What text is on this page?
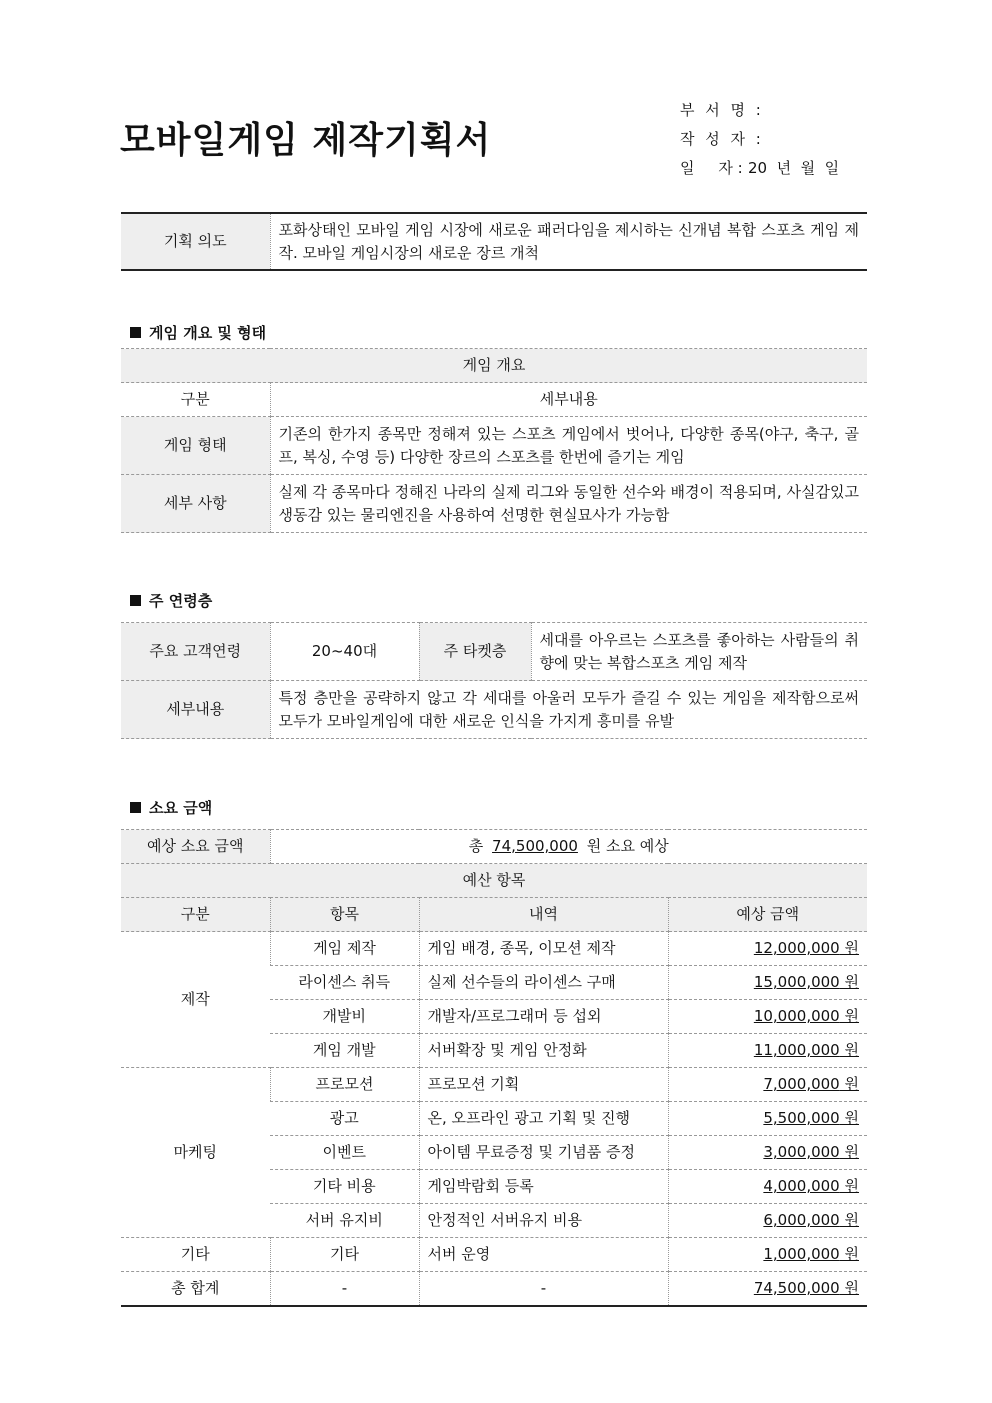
모바일게임 제작기획서
부 서 명 :
작 성 자 :
일     자 : 20  년  월  일
기획 의도	포화상태인 모바일 게임 시장에 새로운 패러다임을 제시하는 신개념 복합 스포츠 게임 제작. 모바일 게임시장의 새로운 장르 개척
게임 개요 및 형태
게임 개요	
구분	세부내용
게임 형태	기존의 한가지 종목만 정해져 있는 스포츠 게임에서 벗어나, 다양한 종목(야구, 축구, 골프, 복싱, 수영 등) 다양한 장르의 스포츠를 한번에 즐기는 게임
세부 사항	실제 각 종목마다 정해진 나라의 실제 리그와 동일한 선수와 배경이 적용되며, 사실감있고 생동감 있는 물리엔진을 사용하여 선명한 현실묘사가 가능함
주 연령층
주요 고객연령	20~40대	주 타켓층	세대를 아우르는 스포츠를 좋아하는 사람들의 취향에 맞는 복합스포츠 게임 제작
세부내용	특정 층만을 공략하지 않고 각 세대를 아울러 모두가 즐길 수 있는 게임을 제작함으로써 모두가 모바일게임에 대한 새로운 인식을 가지게 흥미를 유발		
소요 금액
예상 소요 금액	총 74,500,000 원 소요 예상		
예산 항목			
구분	항목	내역	예상 금액
제작	게임 제작	게임 배경, 종목, 이모션 제작	12,000,000 원
	라이센스 취득	실제 선수들의 라이센스 구매	15,000,000 원
	개발비	개발자/프로그래머 등 섭외	10,000,000 원
	게임 개발	서버확장 및 게임 안정화	11,000,000 원
마케팅	프로모션	프로모션 기획	7,000,000 원
	광고	온, 오프라인 광고 기획 및 진행	5,500,000 원
	이벤트	아이템 무료증정 및 기념품 증정	3,000,000 원
	기타 비용	게임박람회 등록	4,000,000 원
	서버 유지비	안정적인 서버유지 비용	6,000,000 원
기타	기타	서버 운영	1,000,000 원
총 합계	-	-	74,500,000 원
